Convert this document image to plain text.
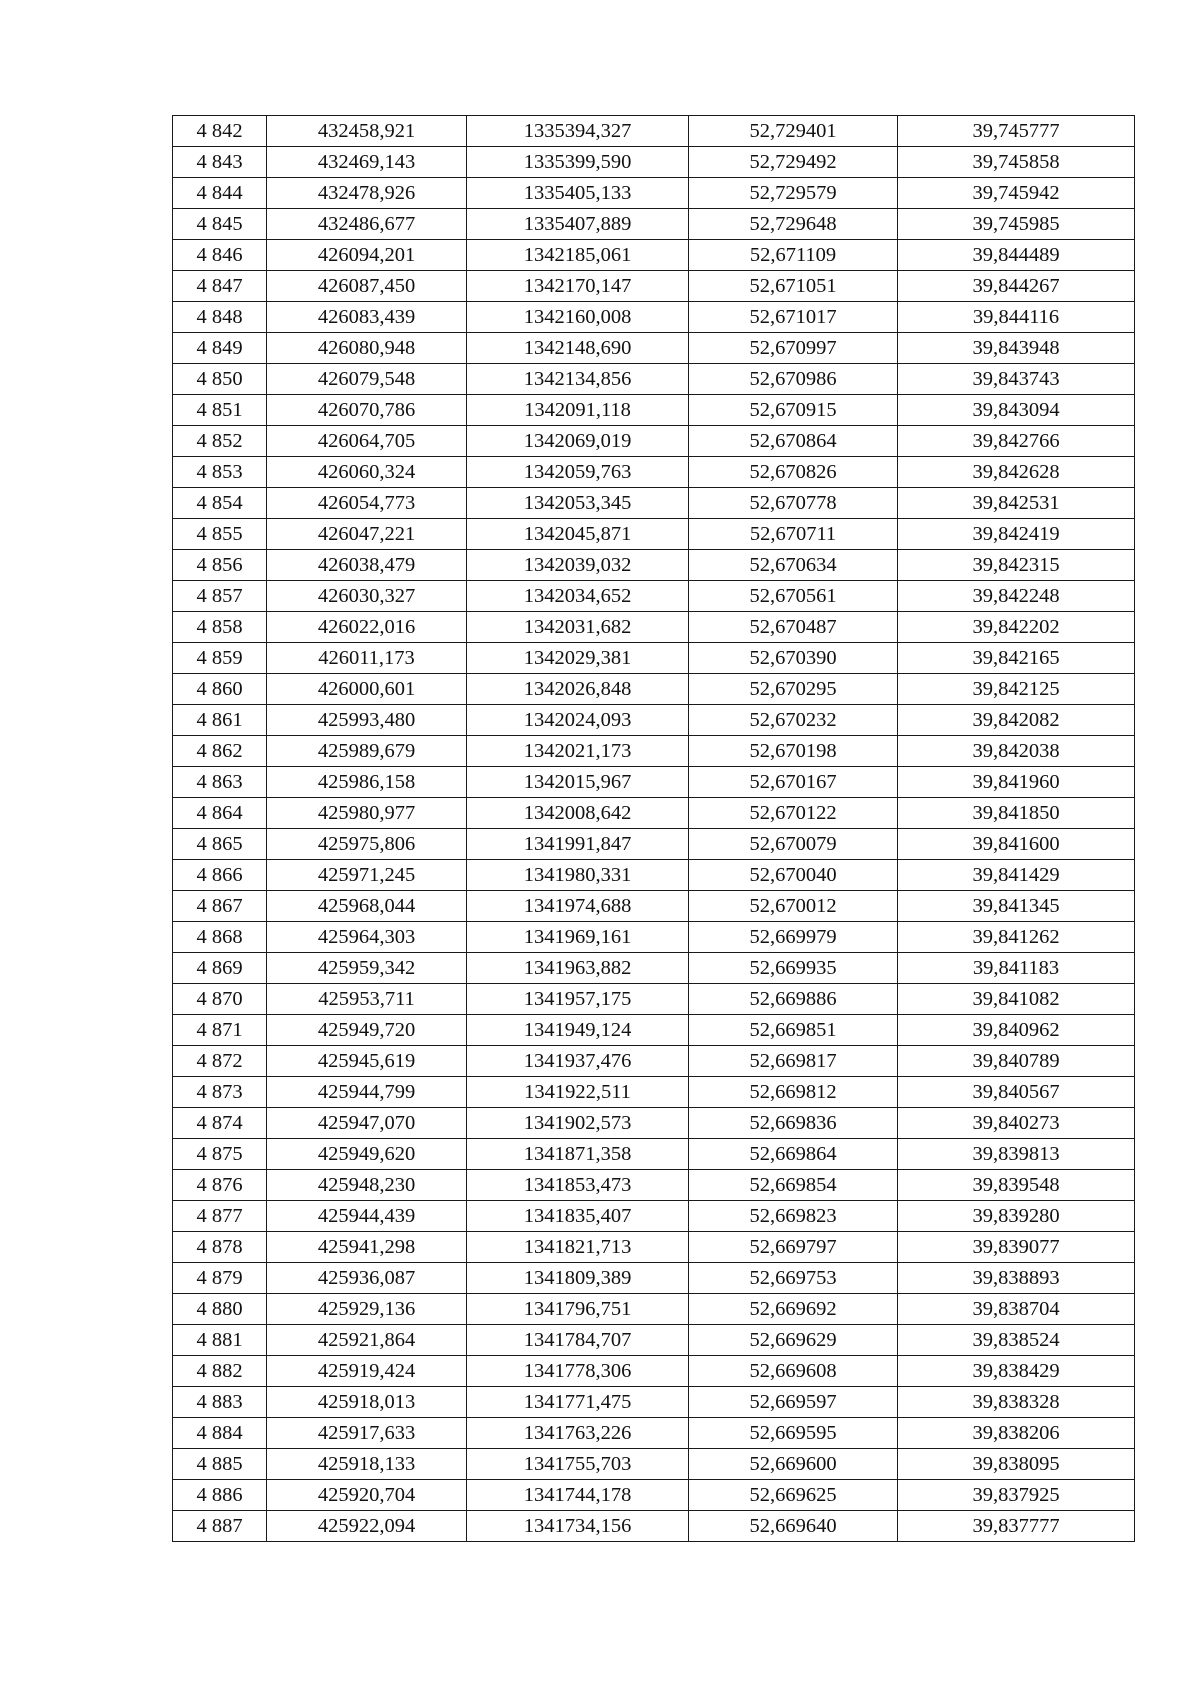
4 842	432458,921	1335394,327	52,729401	39,745777
4 843	432469,143	1335399,590	52,729492	39,745858
4 844	432478,926	1335405,133	52,729579	39,745942
4 845	432486,677	1335407,889	52,729648	39,745985
4 846	426094,201	1342185,061	52,671109	39,844489
4 847	426087,450	1342170,147	52,671051	39,844267
4 848	426083,439	1342160,008	52,671017	39,844116
4 849	426080,948	1342148,690	52,670997	39,843948
4 850	426079,548	1342134,856	52,670986	39,843743
4 851	426070,786	1342091,118	52,670915	39,843094
4 852	426064,705	1342069,019	52,670864	39,842766
4 853	426060,324	1342059,763	52,670826	39,842628
4 854	426054,773	1342053,345	52,670778	39,842531
4 855	426047,221	1342045,871	52,670711	39,842419
4 856	426038,479	1342039,032	52,670634	39,842315
4 857	426030,327	1342034,652	52,670561	39,842248
4 858	426022,016	1342031,682	52,670487	39,842202
4 859	426011,173	1342029,381	52,670390	39,842165
4 860	426000,601	1342026,848	52,670295	39,842125
4 861	425993,480	1342024,093	52,670232	39,842082
4 862	425989,679	1342021,173	52,670198	39,842038
4 863	425986,158	1342015,967	52,670167	39,841960
4 864	425980,977	1342008,642	52,670122	39,841850
4 865	425975,806	1341991,847	52,670079	39,841600
4 866	425971,245	1341980,331	52,670040	39,841429
4 867	425968,044	1341974,688	52,670012	39,841345
4 868	425964,303	1341969,161	52,669979	39,841262
4 869	425959,342	1341963,882	52,669935	39,841183
4 870	425953,711	1341957,175	52,669886	39,841082
4 871	425949,720	1341949,124	52,669851	39,840962
4 872	425945,619	1341937,476	52,669817	39,840789
4 873	425944,799	1341922,511	52,669812	39,840567
4 874	425947,070	1341902,573	52,669836	39,840273
4 875	425949,620	1341871,358	52,669864	39,839813
4 876	425948,230	1341853,473	52,669854	39,839548
4 877	425944,439	1341835,407	52,669823	39,839280
4 878	425941,298	1341821,713	52,669797	39,839077
4 879	425936,087	1341809,389	52,669753	39,838893
4 880	425929,136	1341796,751	52,669692	39,838704
4 881	425921,864	1341784,707	52,669629	39,838524
4 882	425919,424	1341778,306	52,669608	39,838429
4 883	425918,013	1341771,475	52,669597	39,838328
4 884	425917,633	1341763,226	52,669595	39,838206
4 885	425918,133	1341755,703	52,669600	39,838095
4 886	425920,704	1341744,178	52,669625	39,837925
4 887	425922,094	1341734,156	52,669640	39,837777
